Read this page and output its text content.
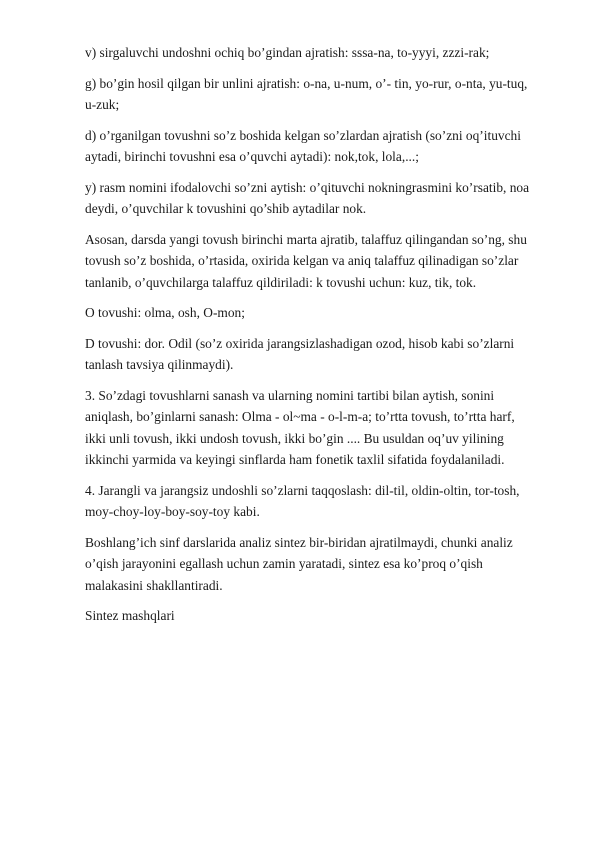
v) sirgaluvchi undoshni ochiq bo’gindan ajratish: sssa-na, to-yyyi, zzzi-rak;

g) bo’gin hosil qilgan bir unlini ajratish: o-na, u-num, o’- tin, yo-rur, o-nta, yu-tuq,
u-zuk;

d) o’rganilgan tovushni so’z boshida kelgan so’zlardan ajratish (so’zni oq’ituvchi
aytadi, birinchi tovushni esa o’quvchi aytadi): nok,tok, lola,...;

y) rasm nomini ifodalovchi so’zni aytish: o’qituvchi nokningrasmini ko’rsatib, noa
deydi, o’quvchilar k tovushini qo’shib aytadilar nok.

Asosan, darsda yangi tovush birinchi marta ajratib, talaffuz qilingandan so’ng, shu
tovush so’z boshida, o’rtasida, oxirida kelgan va aniq talaffuz qilinadigan so’zlar
tanlanib, o’quvchilarga talaffuz qildiriladi: k tovushi uchun: kuz, tik, tok.

O tovushi: olma, osh, O-mon;

D tovushi: dor. Odil (so’z oxirida jarangsizlashadigan ozod, hisob kabi so’zlarni
tanlash tavsiya qilinmaydi).

3. So’zdagi tovushlarni sanash va ularning nomini tartibi bilan aytish, sonini
aniqlash, bo’ginlarni sanash: Olma - ol~ma - o-l-m-a; to’rtta tovush, to’rtta harf,
ikki unli tovush, ikki undosh tovush, ikki bo’gin .... Bu usuldan oq’uv yilining
ikkinchi yarmida va keyingi sinflarda ham fonetik taxlil sifatida foydalaniladi.

4. Jarangli va jarangsiz undoshli so’zlarni taqqoslash: dil-til, oldin-oltin, tor-tosh,
moy-choy-loy-boy-soy-toy kabi.

Boshlang’ich sinf darslarida analiz sintez bir-biridan ajratilmaydi, chunki analiz
o’qish jarayonini egallash uchun zamin yaratadi, sintez esa ko’proq o’qish
malakasini shakllantiradi.

Sintez mashqlari
